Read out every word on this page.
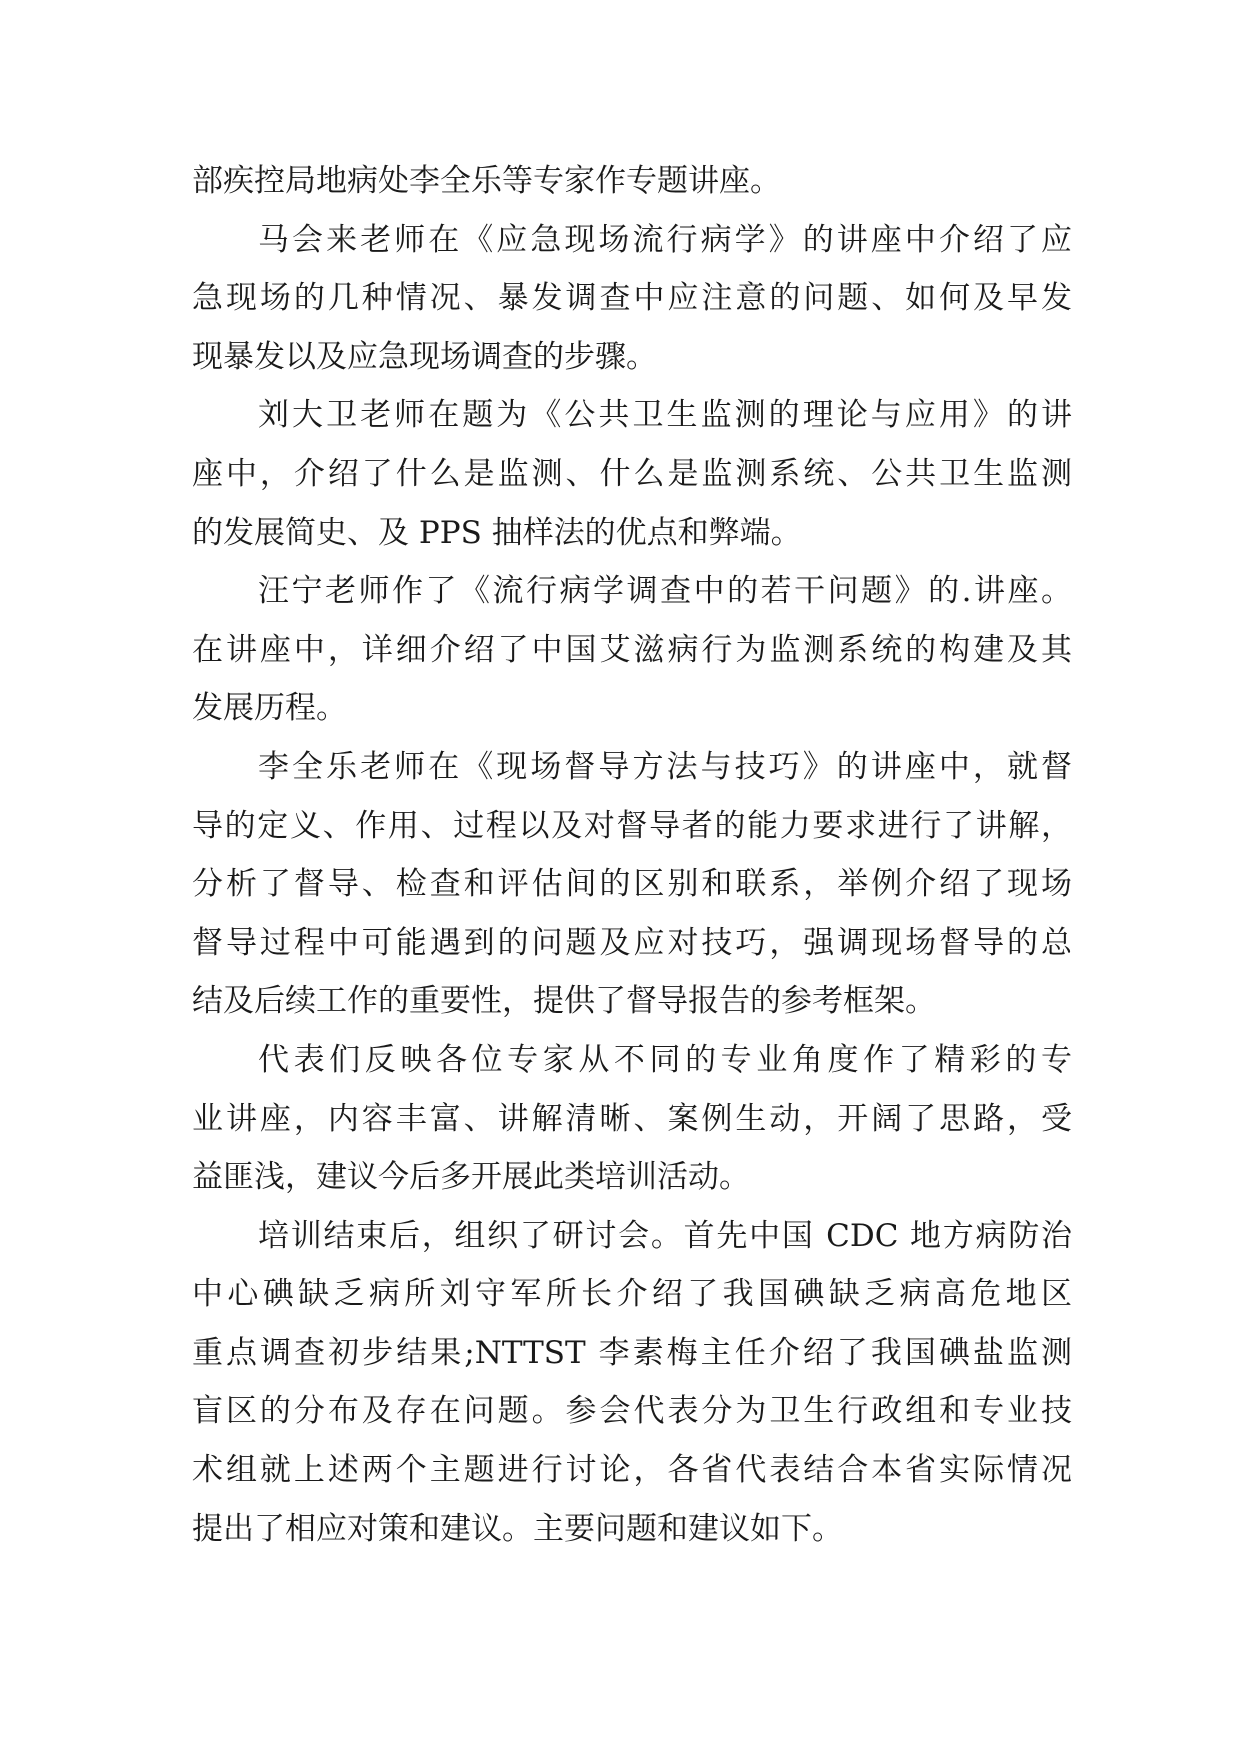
部疾控局地病处李全乐等专家作专题讲座。
马会来老师在《应急现场流行病学》的讲座中介绍了应
急现场的几种情况、暴发调查中应注意的问题、如何及早发
现暴发以及应急现场调查的步骤。
刘大卫老师在题为《公共卫生监测的理论与应用》的讲
座中，介绍了什么是监测、什么是监测系统、公共卫生监测
的发展简史、及 PPS 抽样法的优点和弊端。
汪宁老师作了《流行病学调查中的若干问题》的.讲座。
在讲座中，详细介绍了中国艾滋病行为监测系统的构建及其
发展历程。
李全乐老师在《现场督导方法与技巧》的讲座中，就督
导的定义、作用、过程以及对督导者的能力要求进行了讲解，
分析了督导、检查和评估间的区别和联系，举例介绍了现场
督导过程中可能遇到的问题及应对技巧，强调现场督导的总
结及后续工作的重要性，提供了督导报告的参考框架。
代表们反映各位专家从不同的专业角度作了精彩的专
业讲座，内容丰富、讲解清晰、案例生动，开阔了思路，受
益匪浅，建议今后多开展此类培训活动。
培训结束后，组织了研讨会。首先中国 CDC 地方病防治
中心碘缺乏病所刘守军所长介绍了我国碘缺乏病高危地区
重点调查初步结果;NTTST 李素梅主任介绍了我国碘盐监测
盲区的分布及存在问题。参会代表分为卫生行政组和专业技
术组就上述两个主题进行讨论，各省代表结合本省实际情况
提出了相应对策和建议。主要问题和建议如下。
